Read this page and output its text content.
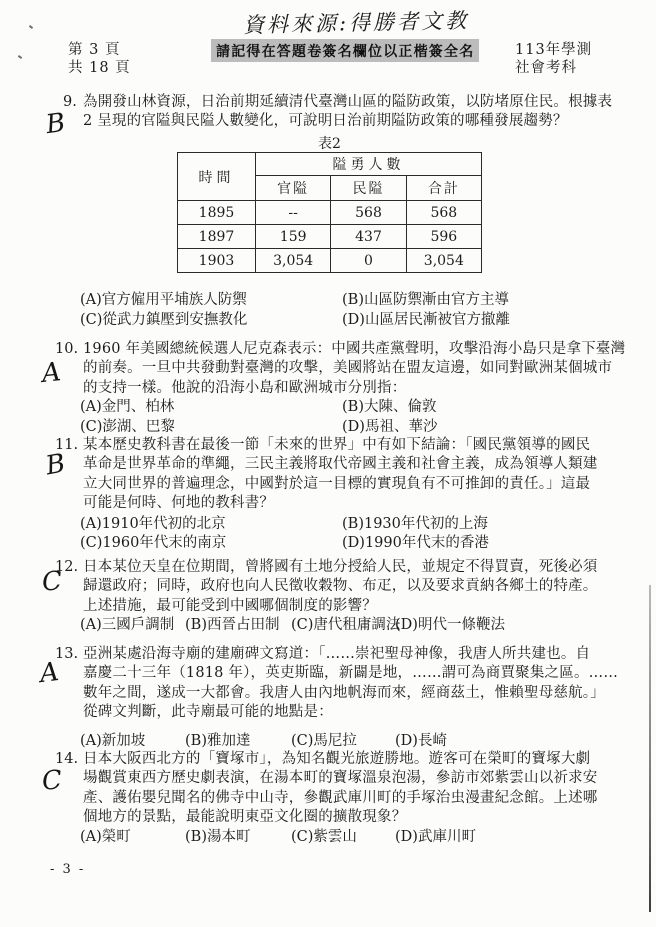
資料來源:得勝者文教
第 3 頁
共 18 頁
請記得在答題卷簽名欄位以正楷簽全名	113年學測
社會考科
9.
B
為開發山林資源，日治前期延續清代臺灣山區的隘防政策，以防堵原住民。根據表
2 呈現的官隘與民隘人數變化，可說明日治前期隘防政策的哪種發展趨勢？
表2
時間	隘勇人數		
	官隘	民隘	合計
1895	--	568	568
1897	159	437	596
1903	3,054	0	3,054
(A)官方僱用平埔族人防禦	(B)山區防禦漸由官方主導
(C)從武力鎮壓到安撫教化	(D)山區居民漸被官方撤離
10.
A
1960 年美國總統候選人尼克森表示：中國共產黨聲明，攻擊沿海小島只是拿下臺灣
的前奏。一旦中共發動對臺灣的攻擊，美國將站在盟友這邊，如同對歐洲某個城市
的支持一樣。他說的沿海小島和歐洲城市分別指：
(A)金門、柏林	(B)大陳、倫敦
(C)澎湖、巴黎	(D)馬祖、華沙
11.
B
某本歷史教科書在最後一節「未來的世界」中有如下結論：「國民黨領導的國民
革命是世界革命的準繩，三民主義將取代帝國主義和社會主義，成為領導人類建
立大同世界的普遍理念，中國對於這一目標的實現負有不可推卸的責任。」這最
可能是何時、何地的教科書？
(A)1910年代初的北京	(B)1930年代初的上海
(C)1960年代末的南京	(D)1990年代末的香港
12.
C 日本某位天皇在位期間，曾將國有土地分授給人民，並規定不得買賣，死後必須
歸還政府；同時，政府也向人民徵收穀物、布疋，以及要求貢納各鄉土的特產。
上述措施，最可能受到中國哪個制度的影響？
(A)三國戶調制 (B)西晉占田制 (C)唐代租庸調法
(D)明代一條鞭法
13.
A
亞洲某處沿海寺廟的建廟碑文寫道：「……崇祀聖母神像，我唐人所共建也。自
嘉慶二十三年（1818 年），英吏斯臨，新闢是地，……謂可為商賈聚集之區。……
數年之間，遂成一大都會。我唐人由內地帆海而來，經商茲土，惟賴聖母慈航。」
從碑文判斷，此寺廟最可能的地點是：
(A)新加坡	(B)雅加達	(C)馬尼拉	(D)長崎
14.
C
日本大阪西北方的「寶塚市」，為知名觀光旅遊勝地。遊客可在榮町的寶塚大劇
場觀賞東西方歷史劇表演，在湯本町的寶塚溫泉泡湯，參訪市郊紫雲山以祈求安
產、護佑嬰兒聞名的佛寺中山寺，參觀武庫川町的手塚治虫漫畫紀念館。上述哪
個地方的景點，最能說明東亞文化圈的擴散現象？
(A)榮町	(B)湯本町	(C)紫雲山	(D)武庫川町
- 3 -
